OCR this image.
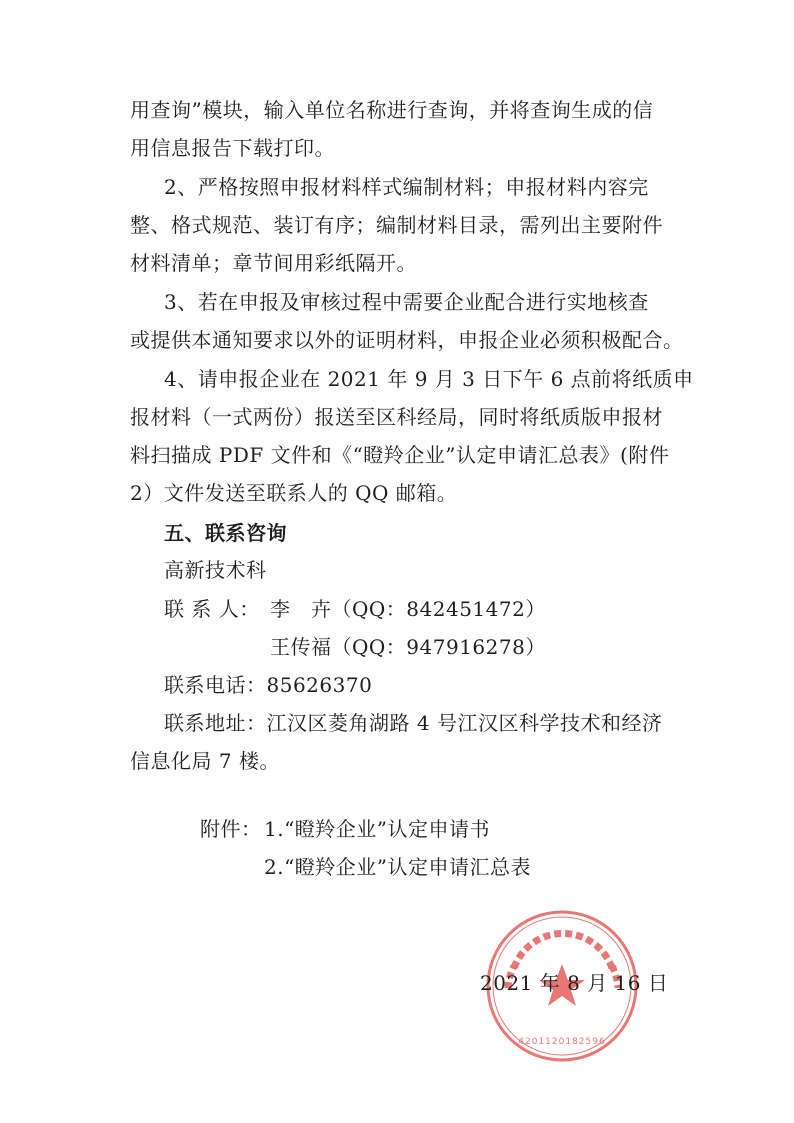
用查询”模块，输入单位名称进行查询，并将查询生成的信
用信息报告下载打印。
2、严格按照申报材料样式编制材料；申报材料内容完
整、格式规范、装订有序；编制材料目录，需列出主要附件
材料清单；章节间用彩纸隔开。
3、若在申报及审核过程中需要企业配合进行实地核查
或提供本通知要求以外的证明材料，申报企业必须积极配合。
4、请申报企业在 2021 年 9 月 3 日下午 6 点前将纸质申
报材料（一式两份）报送至区科经局，同时将纸质版申报材
料扫描成 PDF 文件和《“瞪羚企业”认定申请汇总表》(附件
2）文件发送至联系人的 QQ 邮箱。
五、联系咨询
高新技术科
联 系 人： 李　卉（QQ：842451472）
王传福（QQ：947916278）
联系电话：85626370
联系地址：江汉区菱角湖路 4 号江汉区科学技术和经济
信息化局 7 楼。
附件： 1.“瞪羚企业”认定申请书
2.“瞪羚企业”认定申请汇总表
4201120182596
2021 年 8 月 16 日
